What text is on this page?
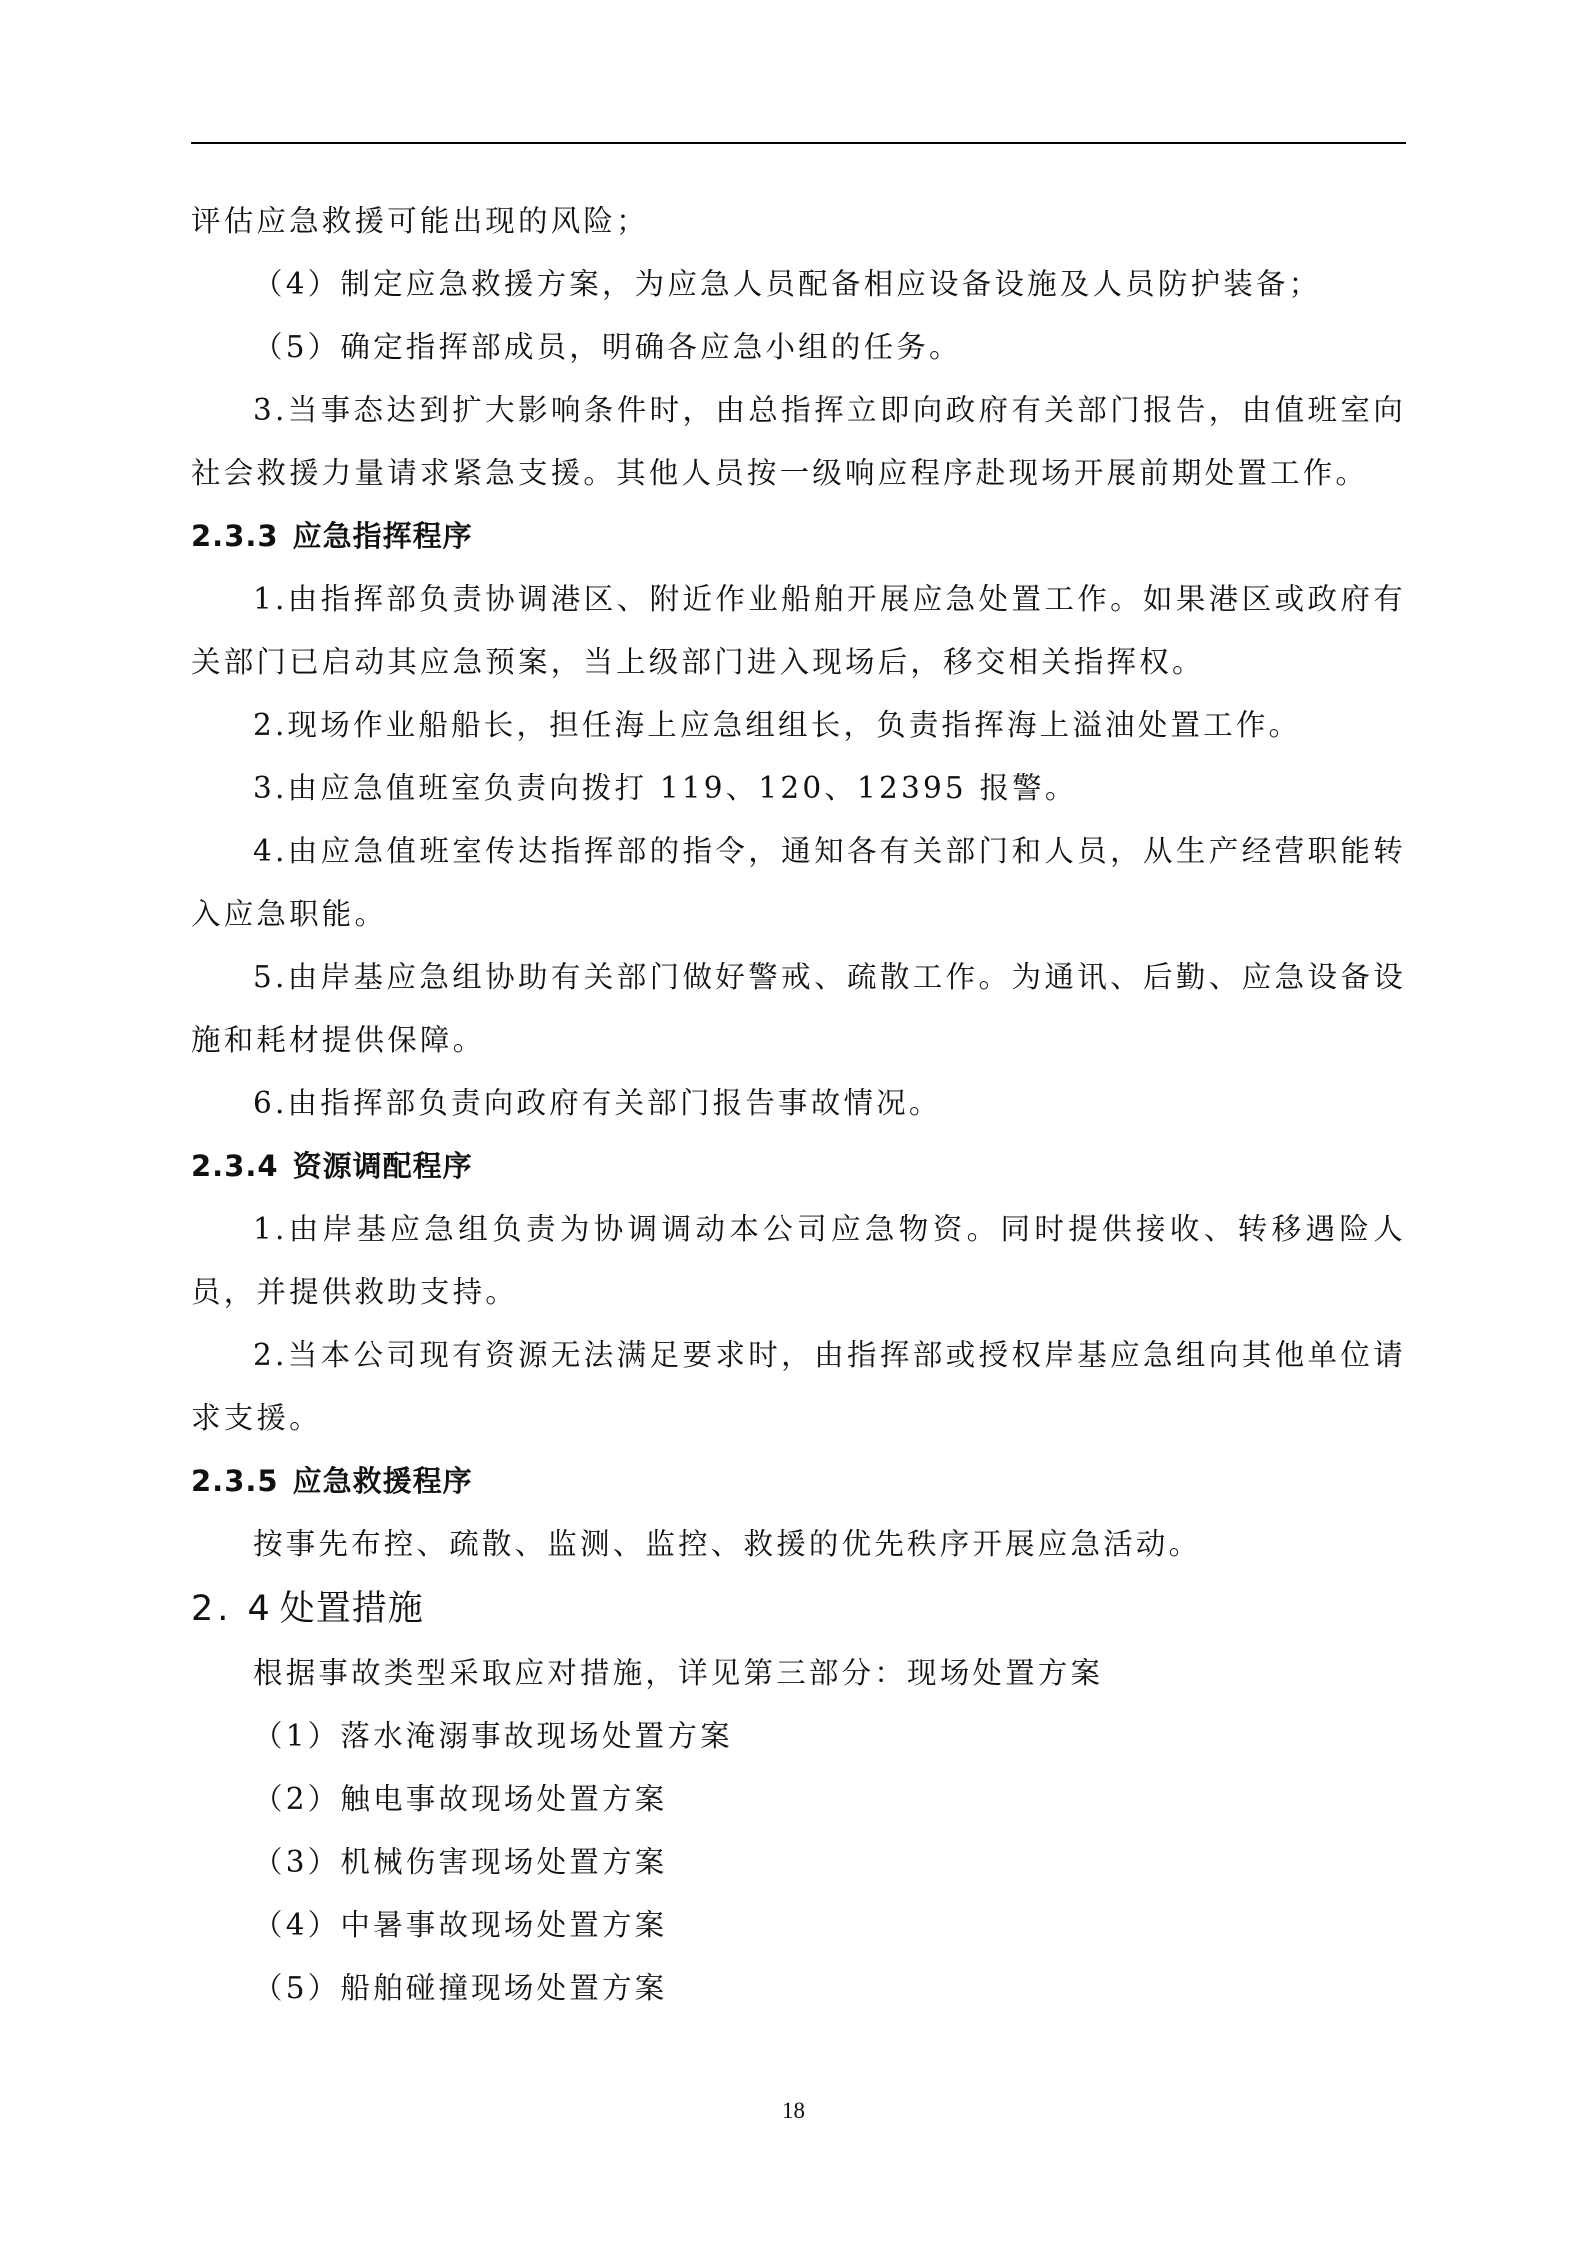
评估应急救援可能出现的风险；

（4）制定应急救援方案，为应急人员配备相应设备设施及人员防护装备；

（5）确定指挥部成员，明确各应急小组的任务。

3.当事态达到扩大影响条件时，由总指挥立即向政府有关部门报告，由值班室向社会救援力量请求紧急支援。其他人员按一级响应程序赴现场开展前期处置工作。

2.3.3 应急指挥程序

1.由指挥部负责协调港区、附近作业船舶开展应急处置工作。如果港区或政府有关部门已启动其应急预案，当上级部门进入现场后，移交相关指挥权。

2.现场作业船船长，担任海上应急组组长，负责指挥海上溢油处置工作。

3.由应急值班室负责向拨打 119、120、12395 报警。

4.由应急值班室传达指挥部的指令，通知各有关部门和人员，从生产经营职能转入应急职能。

5.由岸基应急组协助有关部门做好警戒、疏散工作。为通讯、后勤、应急设备设施和耗材提供保障。

6.由指挥部负责向政府有关部门报告事故情况。

2.3.4 资源调配程序

1.由岸基应急组负责为协调调动本公司应急物资。同时提供接收、转移遇险人员，并提供救助支持。

2.当本公司现有资源无法满足要求时，由指挥部或授权岸基应急组向其他单位请求支援。

2.3.5 应急救援程序

按事先布控、疏散、监测、监控、救援的优先秩序开展应急活动。

2. 4 处置措施

根据事故类型采取应对措施，详见第三部分：现场处置方案

（1）落水淹溺事故现场处置方案

（2）触电事故现场处置方案

（3）机械伤害现场处置方案

（4）中暑事故现场处置方案

（5）船舶碰撞现场处置方案

18
